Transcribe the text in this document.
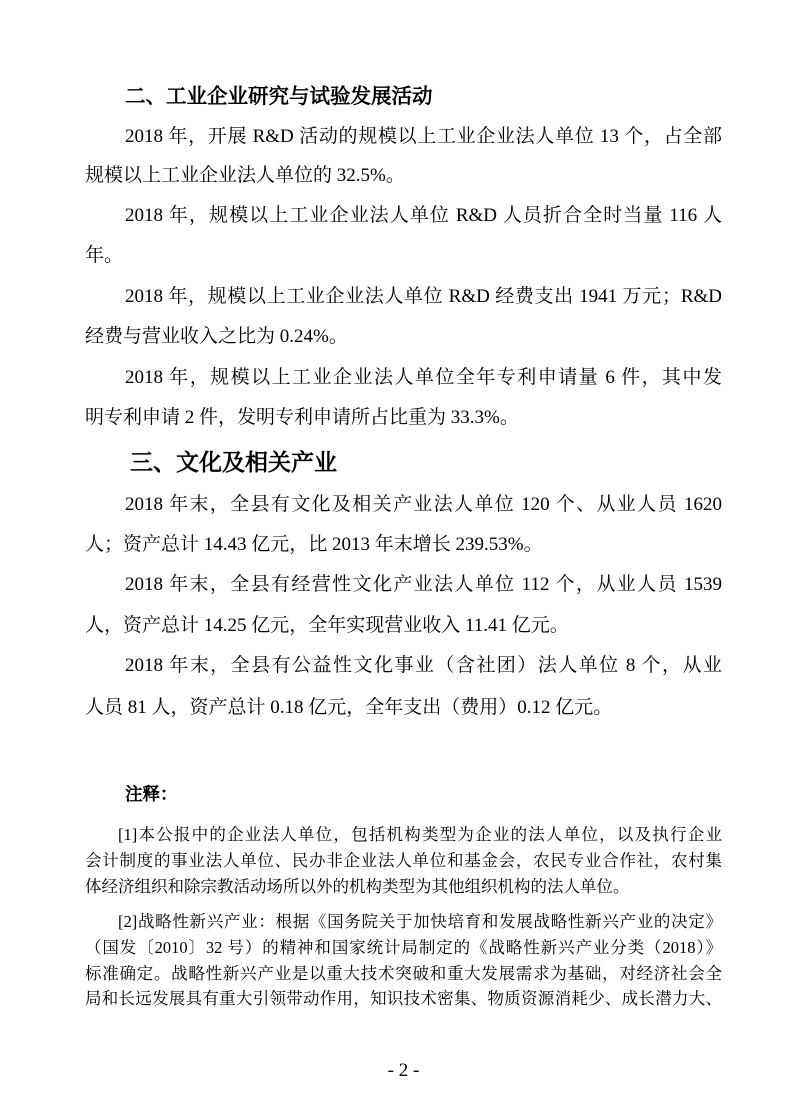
二、工业企业研究与试验发展活动
2018 年，开展 R&D 活动的规模以上工业企业法人单位 13 个，占全部
规模以上工业企业法人单位的 32.5%。
2018 年，规模以上工业企业法人单位 R&D 人员折合全时当量 116 人
年。
2018 年，规模以上工业企业法人单位 R&D 经费支出 1941 万元；R&D
经费与营业收入之比为 0.24%。
2018 年，规模以上工业企业法人单位全年专利申请量 6 件，其中发
明专利申请 2 件，发明专利申请所占比重为 33.3%。
三、文化及相关产业
2018 年末，全县有文化及相关产业法人单位 120 个、从业人员 1620
人；资产总计 14.43 亿元，比 2013 年末增长 239.53%。
2018 年末，全县有经营性文化产业法人单位 112 个，从业人员 1539
人，资产总计 14.25 亿元，全年实现营业收入 11.41 亿元。
2018 年末，全县有公益性文化事业（含社团）法人单位 8 个，从业
人员 81 人，资产总计 0.18 亿元，全年支出（费用）0.12 亿元。
注释：
[1]本公报中的企业法人单位，包括机构类型为企业的法人单位，以及执行企业
会计制度的事业法人单位、民办非企业法人单位和基金会，农民专业合作社，农村集
体经济组织和除宗教活动场所以外的机构类型为其他组织机构的法人单位。
[2]战略性新兴产业：根据《国务院关于加快培育和发展战略性新兴产业的决定》
（国发〔2010〕32 号）的精神和国家统计局制定的《战略性新兴产业分类（2018）》
标准确定。战略性新兴产业是以重大技术突破和重大发展需求为基础，对经济社会全
局和长远发展具有重大引领带动作用，知识技术密集、物质资源消耗少、成长潜力大、
- 2 -
